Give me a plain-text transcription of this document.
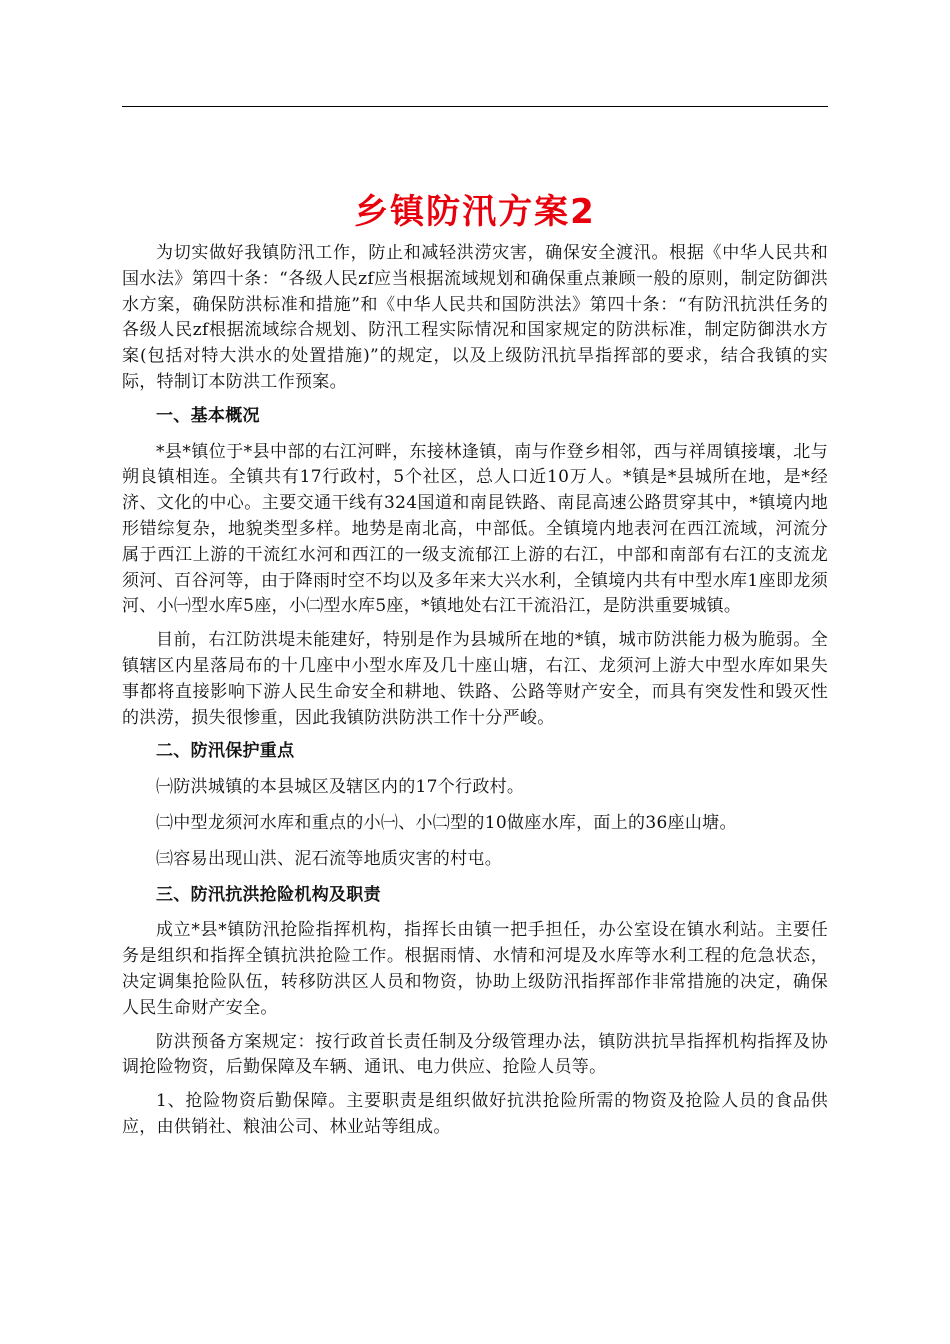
乡镇防汛方案2

为切实做好我镇防汛工作，防止和减轻洪涝灾害，确保安全渡汛。根据《中华人民共和国水法》第四十条：“各级人民zf应当根据流域规划和确保重点兼顾一般的原则，制定防御洪水方案，确保防洪标准和措施”和《中华人民共和国防洪法》第四十条：“有防汛抗洪任务的各级人民zf根据流域综合规划、防汛工程实际情况和国家规定的防洪标准，制定防御洪水方案(包括对特大洪水的处置措施)”的规定，以及上级防汛抗旱指挥部的要求，结合我镇的实际，特制订本防洪工作预案。

一、基本概况

*县*镇位于*县中部的右江河畔，东接林逢镇，南与作登乡相邻，西与祥周镇接壤，北与朔良镇相连。全镇共有17行政村，5个社区，总人口近10万人。*镇是*县城所在地，是*经济、文化的中心。主要交通干线有324国道和南昆铁路、南昆高速公路贯穿其中，*镇境内地形错综复杂，地貌类型多样。地势是南北高，中部低。全镇境内地表河在西江流域，河流分属于西江上游的干流红水河和西江的一级支流郁江上游的右江，中部和南部有右江的支流龙须河、百谷河等，由于降雨时空不均以及多年来大兴水利，全镇境内共有中型水库1座即龙须河、小㈠型水库5座，小㈡型水库5座，*镇地处右江干流沿江，是防洪重要城镇。

目前，右江防洪堤未能建好，特别是作为县城所在地的*镇，城市防洪能力极为脆弱。全镇辖区内星落局布的十几座中小型水库及几十座山塘，右江、龙须河上游大中型水库如果失事都将直接影响下游人民生命安全和耕地、铁路、公路等财产安全，而具有突发性和毁灭性的洪涝，损失很惨重，因此我镇防洪防洪工作十分严峻。

二、防汛保护重点

㈠防洪城镇的本县城区及辖区内的17个行政村。

㈡中型龙须河水库和重点的小㈠、小㈡型的10做座水库，面上的36座山塘。

㈢容易出现山洪、泥石流等地质灾害的村屯。

三、防汛抗洪抢险机构及职责

成立*县*镇防汛抢险指挥机构，指挥长由镇一把手担任，办公室设在镇水利站。主要任务是组织和指挥全镇抗洪抢险工作。根据雨情、水情和河堤及水库等水利工程的危急状态，决定调集抢险队伍，转移防洪区人员和物资，协助上级防汛指挥部作非常措施的决定，确保人民生命财产安全。

防洪预备方案规定：按行政首长责任制及分级管理办法，镇防洪抗旱指挥机构指挥及协调抢险物资，后勤保障及车辆、通讯、电力供应、抢险人员等。

1、抢险物资后勤保障。主要职责是组织做好抗洪抢险所需的物资及抢险人员的食品供应，由供销社、粮油公司、林业站等组成。
